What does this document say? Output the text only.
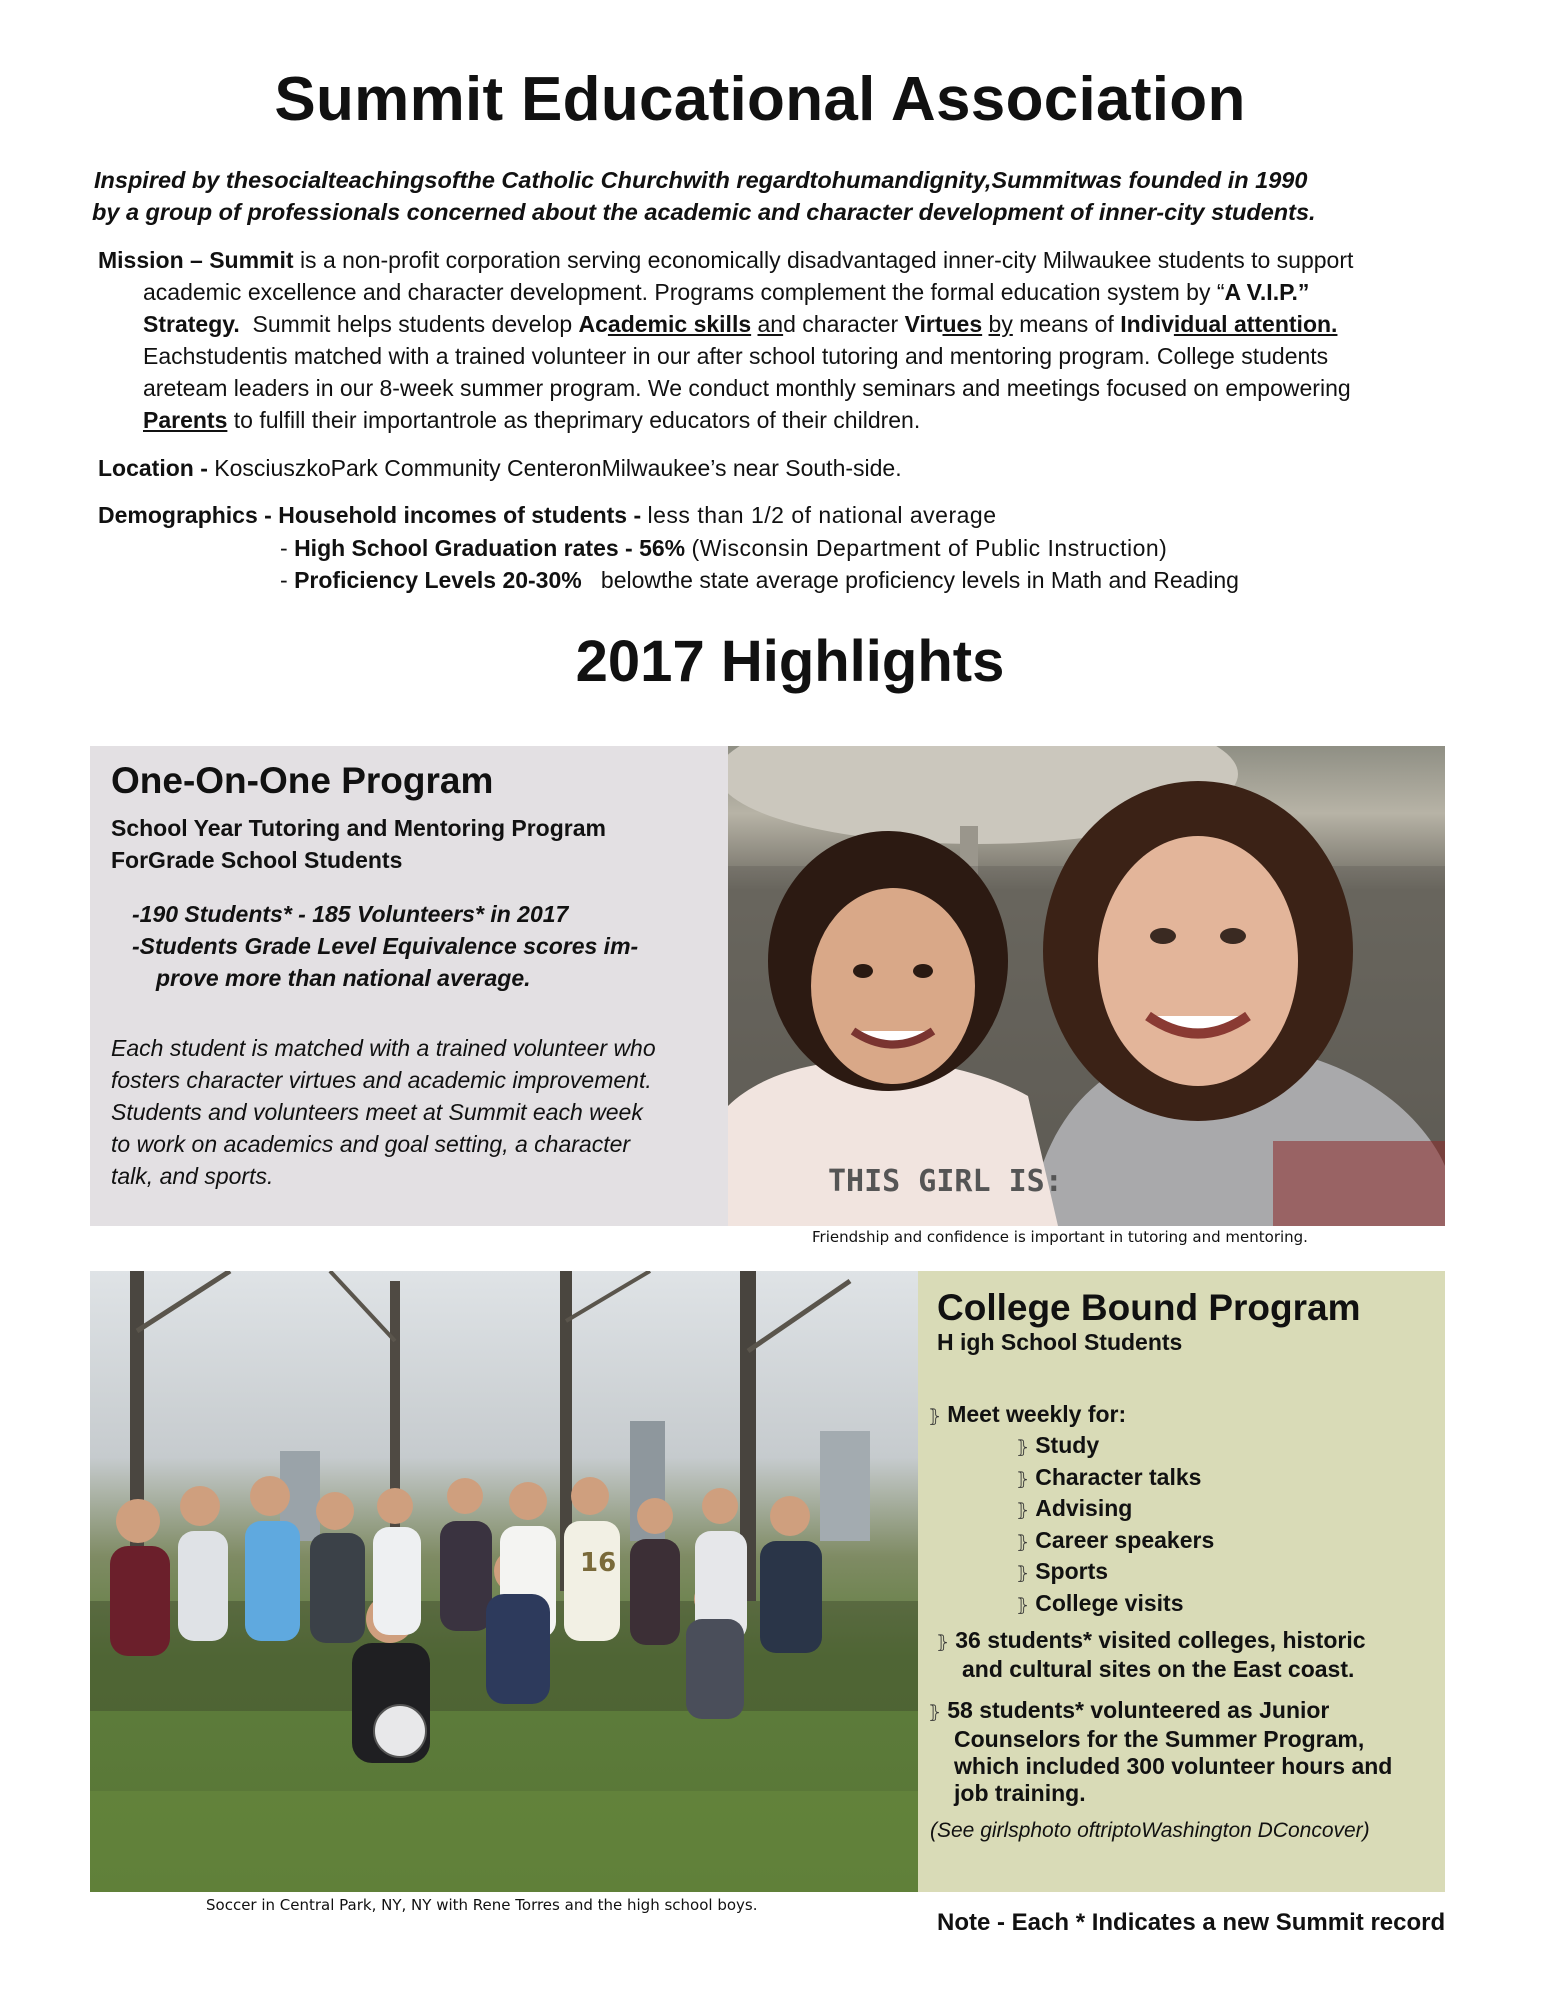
Summit Educational Association
Inspired by thesocialteachingsofthe Catholic Churchwith regardtohumandignity,Summitwas founded in 1990
by a group of professionals concerned about the academic and character development of inner-city students.
Mission – Summit is a non-profit corporation serving economically disadvantaged inner-city Milwaukee students to support
academic excellence and character development. Programs complement the formal education system by “A V.I.P.”
Strategy. Summit helps students develop Academic skills and character Virtues by means of Individual attention.
Eachstudentis matched with a trained volunteer in our after school tutoring and mentoring program. College students
areteam leaders in our 8-week summer program. We conduct monthly seminars and meetings focused on empowering
Parents to fulfill their importantrole as theprimary educators of their children.
Location - KosciuszkoPark Community CenteronMilwaukee’s near South-side.
Demographics - Household incomes of students - less than 1/2 of national average
- High School Graduation rates - 56% (Wisconsin Department of Public Instruction)
- Proficiency Levels 20-30% belowthe state average proficiency levels in Math and Reading
2017 Highlights
One-On-One Program
School Year Tutoring and Mentoring Program
ForGrade School Students
-190 Students* - 185 Volunteers* in 2017
-Students Grade Level Equivalence scores im-
prove more than national average.
Each student is matched with a trained volunteer who
fosters character virtues and academic improvement.
Students and volunteers meet at Summit each week
to work on academics and goal setting, a character
talk, and sports.	THIS GIRL IS:
Friendship and confidence is important in tutoring and mentoring.
16
Soccer in Central Park, NY, NY with Rene Torres and the high school boys.
College Bound Program
H igh School Students
⦄ Meet weekly for:
⦄ Study
⦄ Character talks
⦄ Advising
⦄ Career speakers
⦄ Sports
⦄ College visits
⦄ 36 students* visited colleges, historic
and cultural sites on the East coast.
⦄ 58 students* volunteered as Junior
Counselors for the Summer Program,
which included 300 volunteer hours and
job training.
(See girlsphoto oftriptoWashington DConcover)
Note - Each * Indicates a new Summit record
